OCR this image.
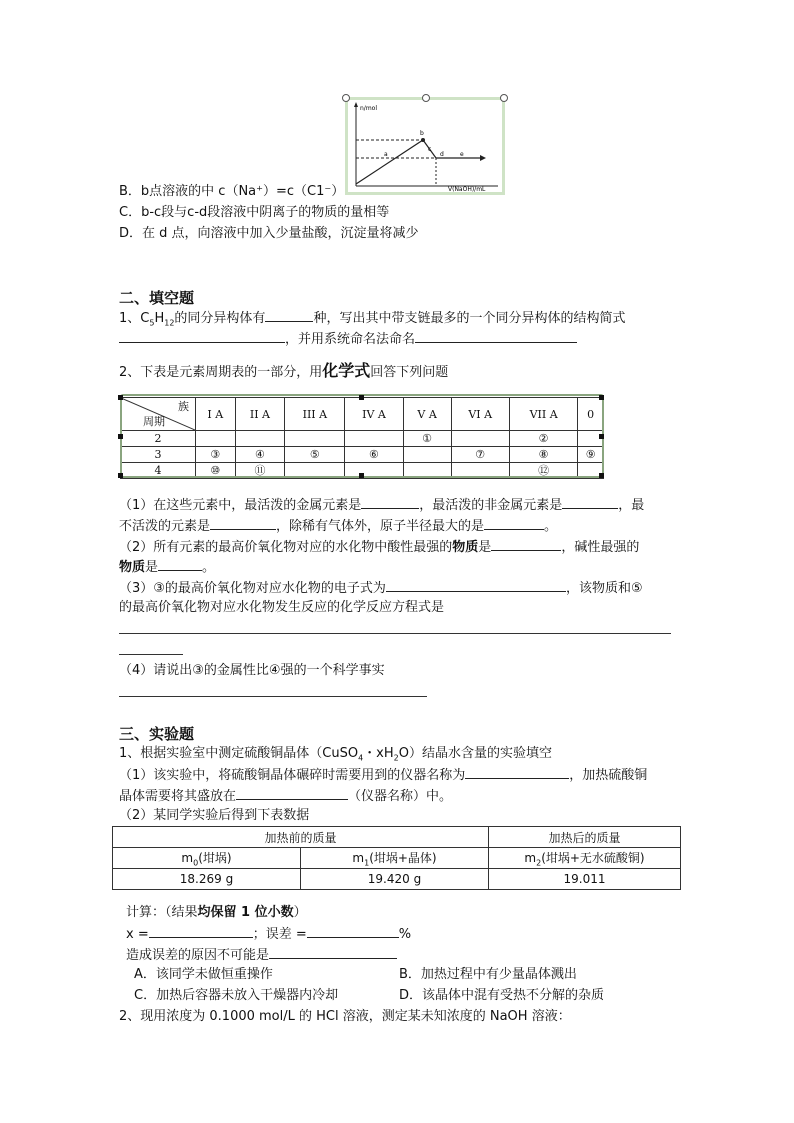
n/mol
V(NaOH)/mL
a
b
c
d	e
B．b点溶液的中 c（Na⁺）=c（C1⁻）
C．b-c段与c-d段溶液中阴离子的物质的量相等
D．在 d 点，向溶液中加入少量盐酸，沉淀量将减少
二、填空题
1、$C_5H_{12}$的同分异构体有	种，写出其中带支链最多的一个同分异构体的结构简式
，并用系统命名法命名
2、下表是元素周期表的一部分，用化学式回答下列问题
族
周期	I A	II A	III A	IV A	V A	VI A	VII A	0
2					①		②	
3	③	④	⑤	⑥		⑦	⑧	⑨
4	⑩	⑪					⑫	
（1）在这些元素中，最活泼的金属元素是	，最活泼的非金属元素是	，最
不活泼的元素是	，除稀有气体外，原子半径最大的是	。
（2）所有元素的最高价氧化物对应的水化物中酸性最强的物质是	，碱性最强的
物质是	。
（3）③的最高价氧化物对应水化物的电子式为	，该物质和⑤
的最高价氧化物对应水化物发生反应的化学反应方程式是
（4）请说出③的金属性比④强的一个科学事实
三、实验题
1、根据实验室中测定硫酸铜晶体（CuSO$_4$・$xH_2O$）结晶水含量的实验填空
（1）该实验中，将硫酸铜晶体碾碎时需要用到的仪器名称为	，加热硫酸铜
晶体需要将其盛放在	（仪器名称）中。
（2）某同学实验后得到下表数据
加热前的质量		加热后的质量
$m_0$(坩埚)	$m_1$(坩埚+晶体)	$m_2$(坩埚+无水硫酸铜)
18.269 g	19.420 g	19.011
计算：（结果均保留 1 位小数）
x =	；误差 =	%
造成误差的原因不可能是
A．该同学未做恒重操作	B．加热过程中有少量晶体溅出
C．加热后容器未放入干燥器内冷却	D．该晶体中混有受热不分解的杂质
2、现用浓度为 0.1000 mol/L 的 HCl 溶液，测定某未知浓度的 NaOH 溶液：
